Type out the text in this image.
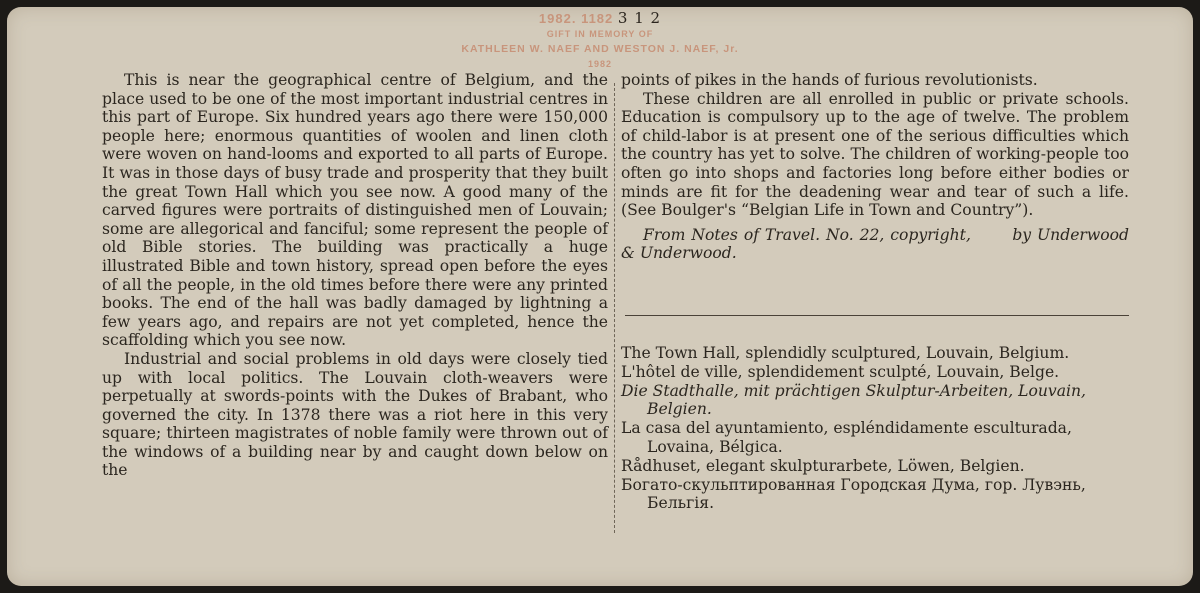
1982. 1182 3 1 2
GIFT IN MEMORY OF
KATHLEEN W. NAEF AND WESTON J. NAEF, Jr.
1982

This is near the geographical centre of Belgium, and the place used to be one of the most important industrial centres in this part of Europe. Six hundred years ago there were 150,000 people here; enormous quantities of woolen and linen cloth were woven on hand-looms and exported to all parts of Europe. It was in those days of busy trade and prosperity that they built the great Town Hall which you see now. A good many of the carved figures were portraits of distinguished men of Louvain; some are allegorical and fanciful; some represent the people of old Bible stories. The building was practically a huge illustrated Bible and town history, spread open before the eyes of all the people, in the old times before there were any printed books. The end of the hall was badly damaged by lightning a few years ago, and repairs are not yet completed, hence the scaffolding which you see now.

Industrial and social problems in old days were closely tied up with local politics. The Louvain cloth-weavers were perpetually at swords-points with the Dukes of Brabant, who governed the city. In 1378 there was a riot here in this very square; thirteen magistrates of noble family were thrown out of the windows of a building near by and caught down below on the

points of pikes in the hands of furious revolutionists.

These children are all enrolled in public or private schools. Education is compulsory up to the age of twelve. The problem of child-labor is at present one of the serious difficulties which the country has yet to solve. The children of working-people too often go into shops and factories long before either bodies or minds are fit for the deadening wear and tear of such a life. (See Boulger's “Belgian Life in Town and Country”).

From Notes of Travel. No. 22, copyright,       by Underwood & Underwood.

The Town Hall, splendidly sculptured, Louvain, Belgium.
L'hôtel de ville, splendidement sculpté, Louvain, Belge.
Die Stadthalle, mit prächtigen Skulptur-Arbeiten, Louvain, Belgien.
La casa del ayuntamiento, espléndidamente esculturada, Lovaina, Bélgica.
Rådhuset, elegant skulpturarbete, Löwen, Belgien.
Богато-скульптированная Городская Дума, гор. Лувэнь, Бельгія.
